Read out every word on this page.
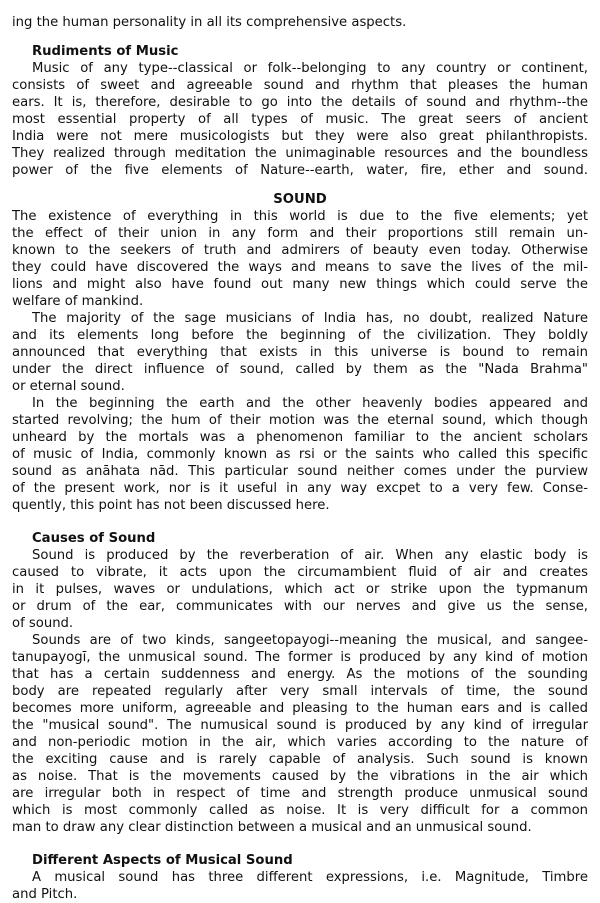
ing the human personality in all its comprehensive aspects.
Rudiments of Music
Music of any type--classical or folk--belonging to any country or continent,
consists of sweet and agreeable sound and rhythm that pleases the human
ears. It is, therefore, desirable to go into the details of sound and rhythm--the
most essential property of all types of music. The great seers of ancient
India were not mere musicologists but they were also great philanthropists.
They realized through meditation the unimaginable resources and the boundless
power of the five elements of Nature--earth, water, fire, ether and sound.
SOUND
The existence of everything in this world is due to the five elements; yet
the effect of their union in any form and their proportions still remain un-
known to the seekers of truth and admirers of beauty even today. Otherwise
they could have discovered the ways and means to save the lives of the mil-
lions and might also have found out many new things which could serve the
welfare of mankind.
The majority of the sage musicians of India has, no doubt, realized Nature
and its elements long before the beginning of the civilization. They boldly
announced that everything that exists in this universe is bound to remain
under the direct influence of sound, called by them as the "Nada Brahma"
or eternal sound.
In the beginning the earth and the other heavenly bodies appeared and
started revolving; the hum of their motion was the eternal sound, which though
unheard by the mortals was a phenomenon familiar to the ancient scholars
of music of India, commonly known as rsi or the saints who called this specific
sound as anāhata nād. This particular sound neither comes under the purview
of the present work, nor is it useful in any way excpet to a very few. Conse-
quently, this point has not been discussed here.
Causes of Sound
Sound is produced by the reverberation of air. When any elastic body is
caused to vibrate, it acts upon the circumambient fluid of air and creates
in it pulses, waves or undulations, which act or strike upon the typmanum
or drum of the ear, communicates with our nerves and give us the sense,
of sound.
Sounds are of two kinds, sangeetopayogi--meaning the musical, and sangee-
tanupayogī, the unmusical sound. The former is produced by any kind of motion
that has a certain suddenness and energy. As the motions of the sounding
body are repeated regularly after very small intervals of time, the sound
becomes more uniform, agreeable and pleasing to the human ears and is called
the "musical sound". The numusical sound is produced by any kind of irregular
and non-periodic motion in the air, which varies according to the nature of
the exciting cause and is rarely capable of analysis. Such sound is known
as noise. That is the movements caused by the vibrations in the air which
are irregular both in respect of time and strength produce unmusical sound
which is most commonly called as noise. It is very difficult for a common
man to draw any clear distinction between a musical and an unmusical sound.
Different Aspects of Musical Sound
A musical sound has three different expressions, i.e. Magnitude, Timbre
and Pitch.
